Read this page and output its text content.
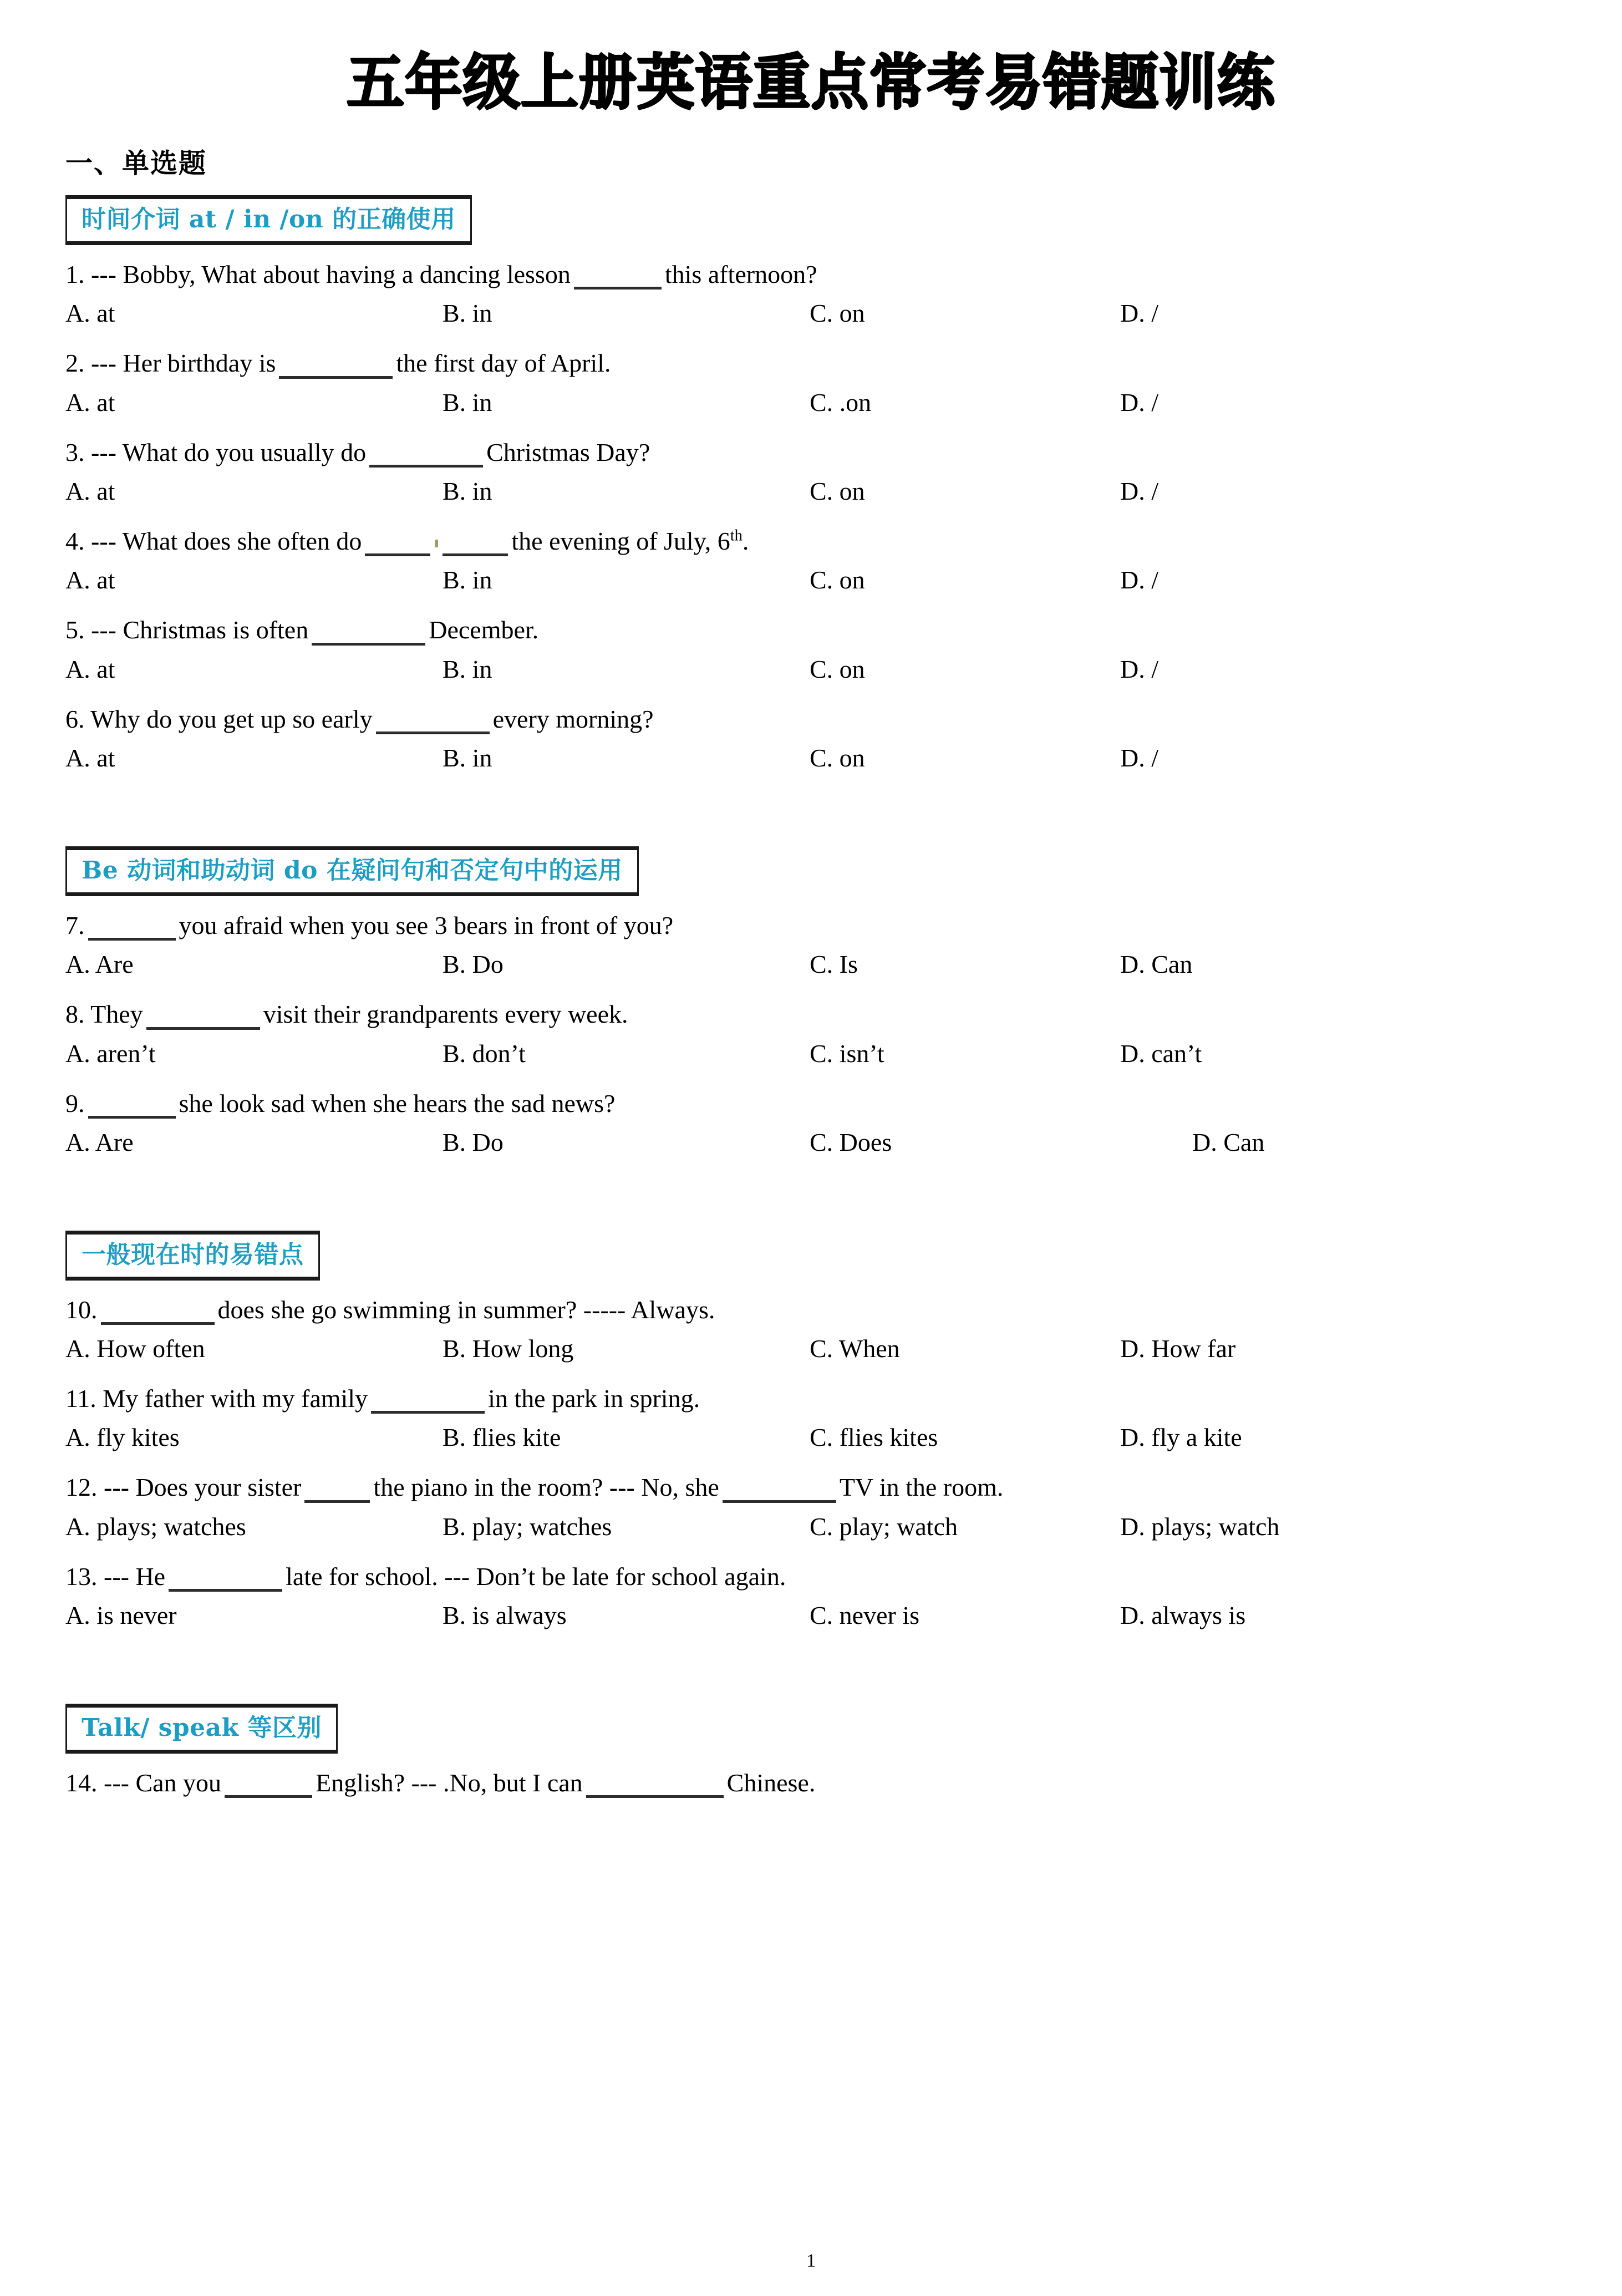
五年级上册英语重点常考易错题训练
一、单选题
时间介词 at / in /on 的正确使用
1. --- Bobby, What about having a dancing lesson	this afternoon?
A. at	B. in	C. on	D. /
2. --- Her birthday is	the first day of April.
A. at	B. in	C. .on	D. /
3. --- What do you usually do	Christmas Day?
A. at	B. in	C. on	D. /
4. --- What does she often do	the evening of July, 6th.
A. at	B. in	C. on	D. /
5. --- Christmas is often	December.
A. at	B. in	C. on	D. /
6. Why do you get up so early	every morning?
A. at	B. in	C. on	D. /
Be 动词和助动词 do 在疑问句和否定句中的运用
7.	you afraid when you see 3 bears in front of you?
A. Are	B. Do	C. Is	D. Can
8. They	visit their grandparents every week.
A. aren’t	B. don’t	C. isn’t	D. can’t
9.	she look sad when she hears the sad news?
A. Are	B. Do	C. Does	D. Can
一般现在时的易错点
10.	does she go swimming in summer? ----- Always.
A. How often	B. How long	C. When	D. How far
11. My father with my family	in the park in spring.
A. fly kites	B. flies kite	C. flies kites	D. fly a kite
12. --- Does your sister	the piano in the room? --- No, she	TV in the room.
A. plays; watches	B. play; watches	C. play; watch	D. plays; watch
13. --- He	late for school. --- Don’t be late for school again.
A. is never	B. is always	C. never is	D. always is
Talk/ speak 等区别
14. --- Can you	English? --- .No, but I can	Chinese.
1
